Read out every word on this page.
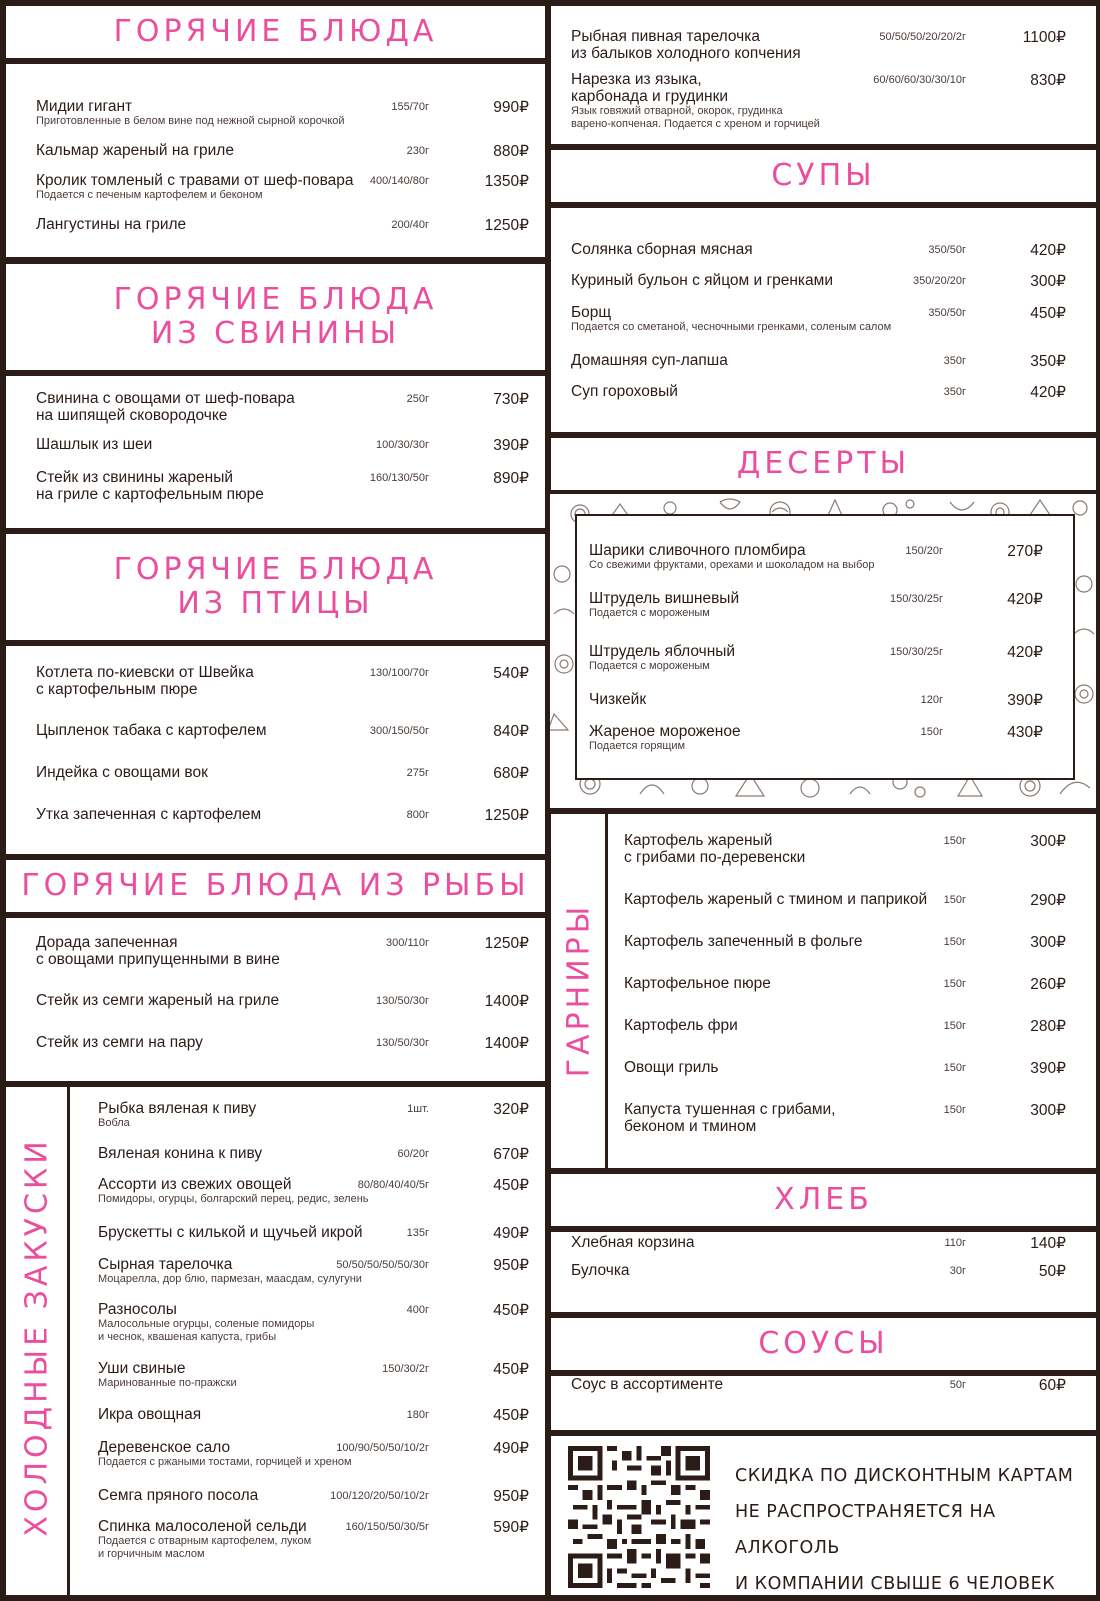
ГОРЯЧИЕ БЛЮДА
Мидии гигант
Приготовленные в белом вине под нежной сырной корочкой
155/70г	990₽
Кальмар жареный на гриле	230г	880₽
Кролик томленый с травами от шеф-повара
Подается с печеным картофелем и беконом
400/140/80г	1350₽
Лангустины на гриле	200/40г	1250₽
ГОРЯЧИЕ БЛЮДА
ИЗ СВИНИНЫ
Свинина с овощами от шеф-повара
на шипящей сковородочке
250г	730₽
Шашлык из шеи	100/30/30г	390₽
Стейк из свинины жареный
на гриле с картофельным пюре
160/130/50г	890₽
ГОРЯЧИЕ БЛЮДА
ИЗ ПТИЦЫ
Котлета по-киевски от Швейка
с картофельным пюре
130/100/70г	540₽
Цыпленок табака с картофелем	300/150/50г	840₽
Индейка с овощами вок	275г	680₽
Утка запеченная с картофелем	800г	1250₽
ГОРЯЧИЕ БЛЮДА ИЗ РЫБЫ
Дорада запеченная
с овощами припущенными в вине
300/110г	1250₽
Стейк из семги жареный на гриле	130/50/30г	1400₽
Стейк из семги на пару	130/50/30г	1400₽
Рыбка вяленая к пиву
Вобла
1шт.	320₽
Вяленая конина к пиву	60/20г	670₽
Ассорти из свежих овощей
Помидоры, огурцы, болгарский перец, редис, зелень
80/80/40/40/5г	450₽
Брускетты с килькой и щучьей икрой	135г	490₽
Сырная тарелочка
Моцарелла, дор блю, пармезан, маасдам, сулугуни
50/50/50/50/50/30г	950₽
Разносолы
Малосольные огурцы, соленые помидоры
и чеснок, квашеная капуста, грибы
400г	450₽
Уши свиные
Маринованные по-пражски
150/30/2г	450₽
Икра овощная	180г	450₽
Деревенское сало
Подается с ржаными тостами, горчицей и хреном
100/90/50/50/10/2г	490₽
Семга пряного посола	100/120/20/50/10/2г	950₽
Спинка малосоленой сельди
Подается с отварным картофелем, луком
и горчичным маслом
160/150/50/30/5г	590₽
ХОЛОДНЫЕ ЗАКУСКИ
Рыбная пивная тарелочка
из балыков холодного копчения
50/50/50/20/20/2г	1100₽
Нарезка из языка,
карбонада и грудинки
Язык говяжий отварной, окорок, грудинка
варено-копченая. Подается с хреном и горчицей
60/60/60/30/30/10г	830₽
СУПЫ
Солянка сборная мясная	350/50г	420₽
Куриный бульон с яйцом и гренками	350/20/20г	300₽
Борщ
Подается со сметаной, чесночными гренками, соленым салом
350/50г	450₽
Домашняя суп-лапша	350г	350₽
Суп гороховый	350г	420₽
ДЕСЕРТЫ
Шарики сливочного пломбира
Со свежими фруктами, орехами и шоколадом на выбор
150/20г	270₽
Штрудель вишневый
Подается с мороженым
150/30/25г	420₽
Штрудель яблочный
Подается с мороженым
150/30/25г	420₽
Чизкейк	120г	390₽
Жареное мороженое
Подается горящим
150г	430₽
Картофель жареный
с грибами по-деревенски
150г	300₽
Картофель жареный с тмином и паприкой	150г	290₽
Картофель запеченный в фольге	150г	300₽
Картофельное пюре	150г	260₽
Картофель фри	150г	280₽
Овощи гриль	150г	390₽
Капуста тушенная с грибами,
беконом и тмином
150г	300₽
ГАРНИРЫ
ХЛЕБ
Хлебная корзина	110г	140₽
Булочка	30г	50₽
СОУСЫ
Соус в ассортименте	50г	60₽
СКИДКА ПО ДИСКОНТНЫМ КАРТАМ
НЕ РАСПРОСТРАНЯЕТСЯ НА АЛКОГОЛЬ
И КОМПАНИИ СВЫШЕ 6 ЧЕЛОВЕК
